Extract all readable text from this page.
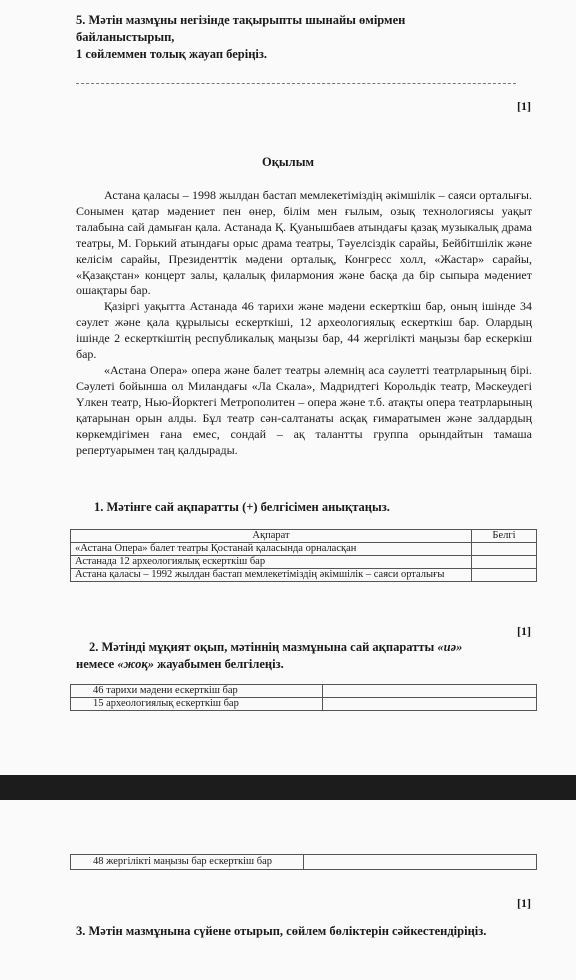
5. Мәтін мазмұны негізінде тақырыпты шынайы өмірмен
байланыстырып,
1 сөйлеммен толық жауап беріңіз.
[1]
Оқылым

Астана қаласы – 1998 жылдан бастап мемлекетіміздің әкімшілік – саяси орталығы. Сонымен қатар мәдениет пен өнер, білім мен ғылым, озық технологияcы уақыт талабына сай дамыған қала. Астанада Қ. Қуанышбаев атындағы қазақ музыкалық драма театры, М. Горький атындағы орыс драма театры, Тәуелсіздік сарайы, Бейбітшілік және келісім сарайы, Президенттік мәдени орталық, Конгресс холл, «Жастар» сарайы, «Қазақстан» концерт залы, қалалық филармония және басқа да бір сыпыра мәдениет ошақтары бар.

Қазіргі уақытта Астанада 46 тарихи және мәдени ескерткіш бар, оның ішінде 34 сәулет және қала құрылысы ескерткіші, 12 археологиялық ескерткіш бар. Олардың ішінде 2 ескерткіштің республикалық маңызы бар, 44 жергілікті маңызы бар ескеркіш бар.

«Астана Опера» опера және балет театры әлемнің аса сәулетті театрларының бірі. Сәулеті бойынша ол Миландағы «Ла Скала», Мадридтегі Корольдік театр, Мәскеудегі Үлкен театр, Нью-Йорктегі Метрополитен – опера және т.б. атақты опера театрларының қатарынан орын алды. Бұл театр сән-салтанаты асқақ ғимаратымен және залдардың көркемдігімен ғана емес, сондай – ақ талантты группа орындайтын тамаша репертуарымен таң қалдырады.

1. Мәтінге сай ақпаратты (+) белгісімен анықтаңыз.
Ақпарат	Белгі
«Астана Опера» балет театры Қостанай қаласында орналасқан	
Астанада 12 археологиялық ескерткіш бар	
Астана қаласы – 1992 жылдан бастап мемлекетіміздің әкімшілік – саяси орталығы	
[1]
2. Мәтінді мұқият оқып, мәтіннің мазмұнына сай ақпаратты «иә»
немесе «жоқ» жауабымен белгілеңіз.
46 тарихи мәдени ескерткіш бар	
15 археологиялық ескерткіш бар	
48 жергілікті маңызы бар ескерткіш бар	
[1]
3. Мәтін мазмұнына сүйене отырып, сөйлем бөліктерін сәйкестендіріңіз.
